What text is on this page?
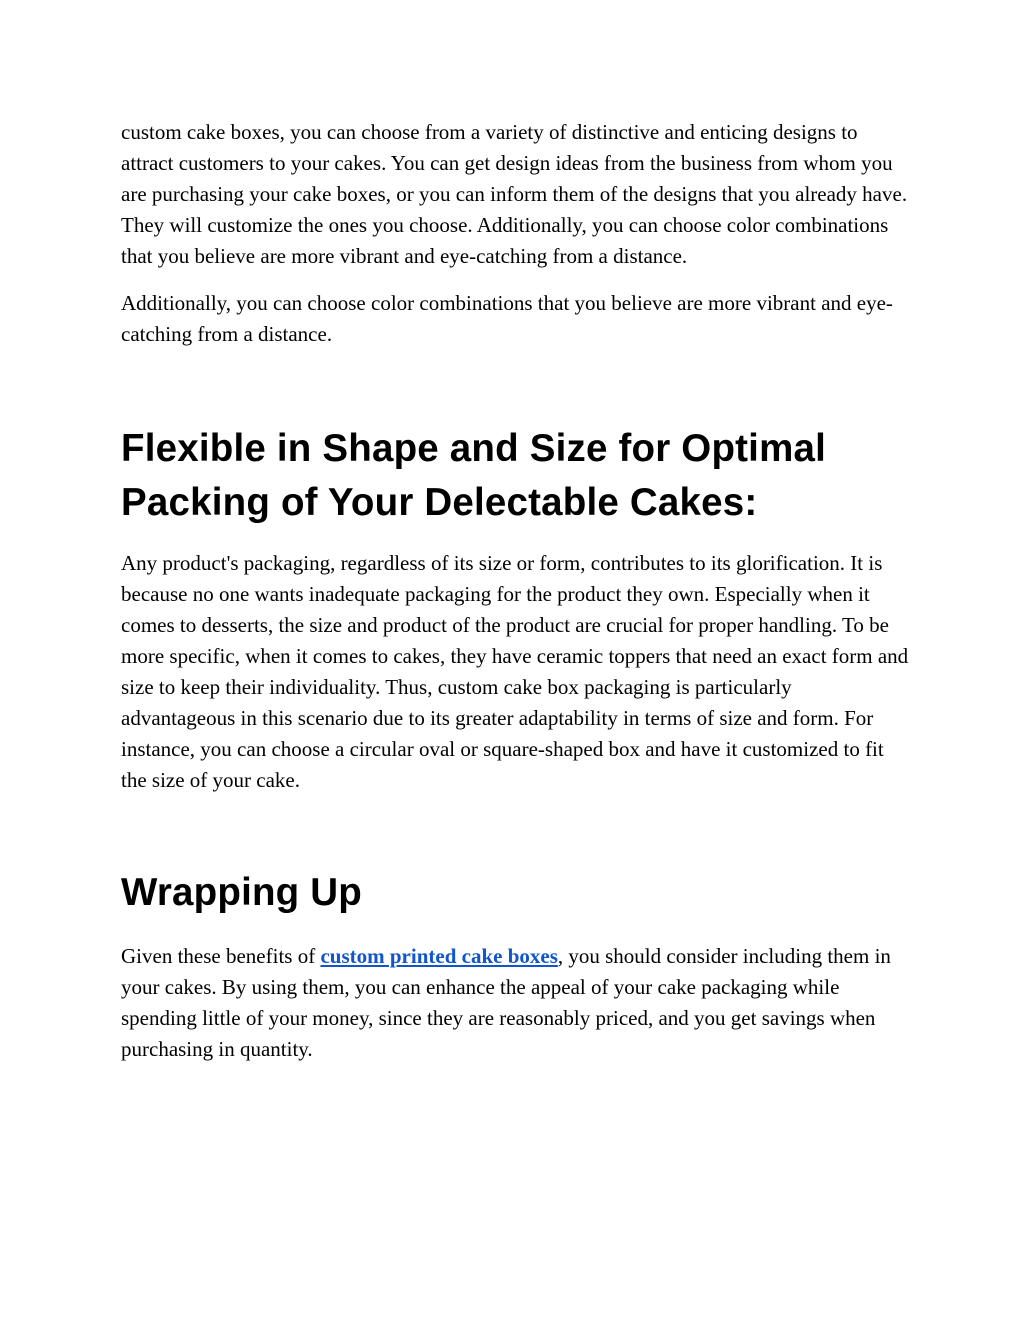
custom cake boxes, you can choose from a variety of distinctive and enticing designs to attract customers to your cakes. You can get design ideas from the business from whom you are purchasing your cake boxes, or you can inform them of the designs that you already have. They will customize the ones you choose. Additionally, you can choose color combinations that you believe are more vibrant and eye-catching from a distance.

Additionally, you can choose color combinations that you believe are more vibrant and eye-catching from a distance.

Flexible in Shape and Size for Optimal Packing of Your Delectable Cakes:

Any product's packaging, regardless of its size or form, contributes to its glorification. It is because no one wants inadequate packaging for the product they own. Especially when it comes to desserts, the size and product of the product are crucial for proper handling. To be more specific, when it comes to cakes, they have ceramic toppers that need an exact form and size to keep their individuality. Thus, custom cake box packaging is particularly advantageous in this scenario due to its greater adaptability in terms of size and form. For instance, you can choose a circular oval or square-shaped box and have it customized to fit the size of your cake.

Wrapping Up

Given these benefits of custom printed cake boxes, you should consider including them in your cakes. By using them, you can enhance the appeal of your cake packaging while spending little of your money, since they are reasonably priced, and you get savings when purchasing in quantity.
